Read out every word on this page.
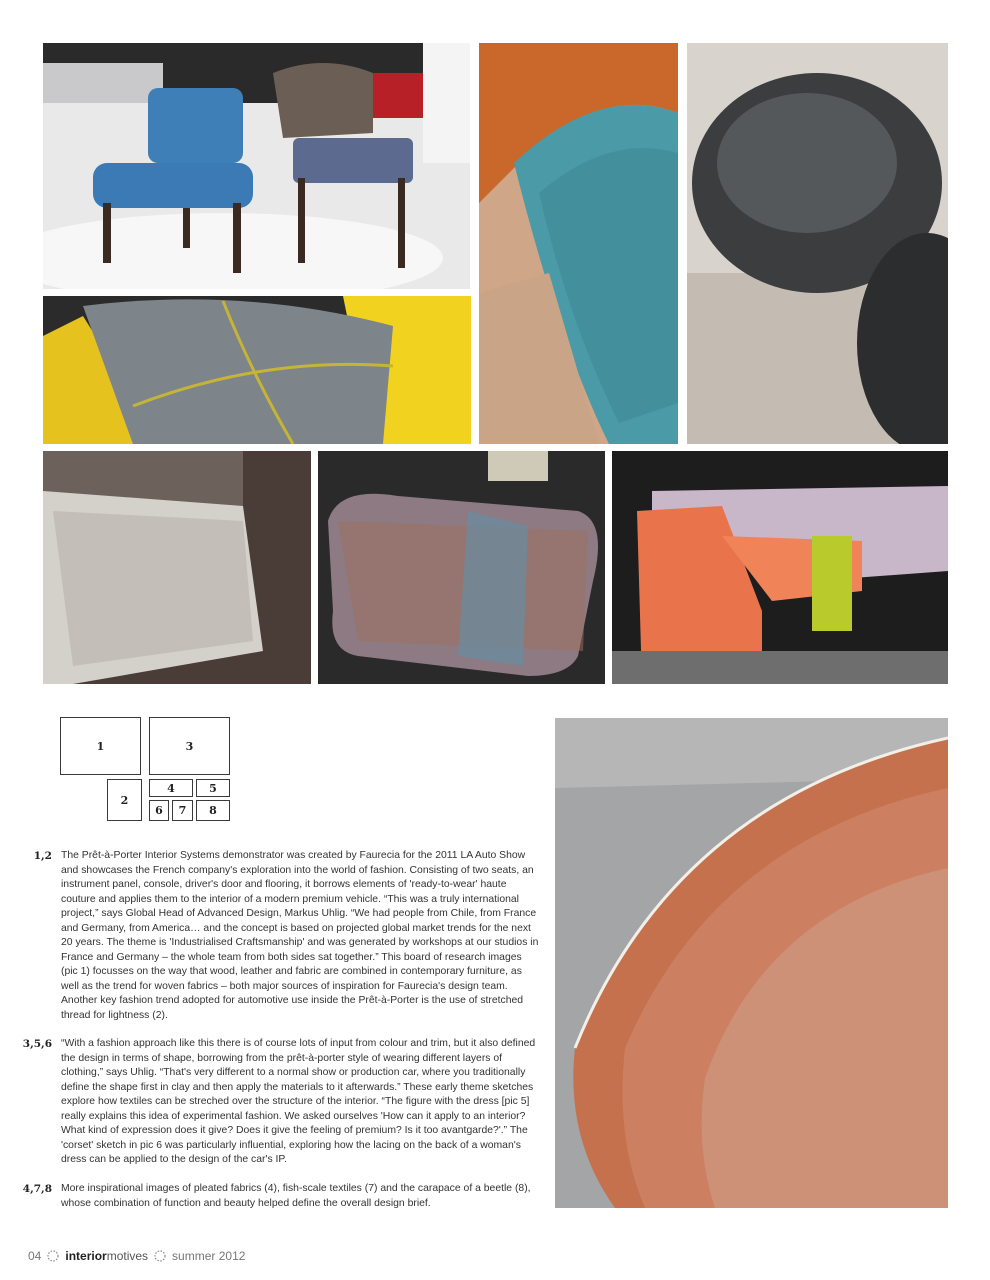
1	3
2
4	5
6	7	8
1,2 The Prêt-à-Porter Interior Systems demonstrator was created by Faurecia for the 2011 LA Auto Show and showcases the French company's exploration into the world of fashion. Consisting of two seats, an instrument panel, console, driver's door and flooring, it borrows elements of 'ready-to-wear' haute couture and applies them to the interior of a modern premium vehicle. “This was a truly international project,” says Global Head of Advanced Design, Markus Uhlig. “We had people from Chile, from France and Germany, from America… and the concept is based on projected global market trends for the next 20 years. The theme is 'Industrialised Craftsmanship' and was generated by workshops at our studios in France and Germany – the whole team from both sides sat together.” This board of research images (pic 1) focusses on the way that wood, leather and fabric are combined in contemporary furniture, as well as the trend for woven fabrics – both major sources of inspiration for Faurecia's design team. Another key fashion trend adopted for automotive use inside the Prêt-à-Porter is the use of stretched thread for lightness (2).
3,5,6 “With a fashion approach like this there is of course lots of input from colour and trim, but it also defined the design in terms of shape, borrowing from the prêt-à-porter style of wearing different layers of clothing,” says Uhlig. “That's very different to a normal show or production car, where you traditionally define the shape first in clay and then apply the materials to it afterwards.” These early theme sketches explore how textiles can be streched over the structure of the interior. “The figure with the dress [pic 5] really explains this idea of experimental fashion. We asked ourselves 'How can it apply to an interior? What kind of expression does it give? Does it give the feeling of premium? Is it too avantgarde?'.” The 'corset' sketch in pic 6 was particularly influential, exploring how the lacing on the back of a woman's dress can be applied to the design of the car's IP.
4,7,8 More inspirational images of pleated fabrics (4), fish-scale textiles (7) and the carapace of a beetle (8), whose combination of function and beauty helped define the overall design brief.
04 interiormotives summer 2012
